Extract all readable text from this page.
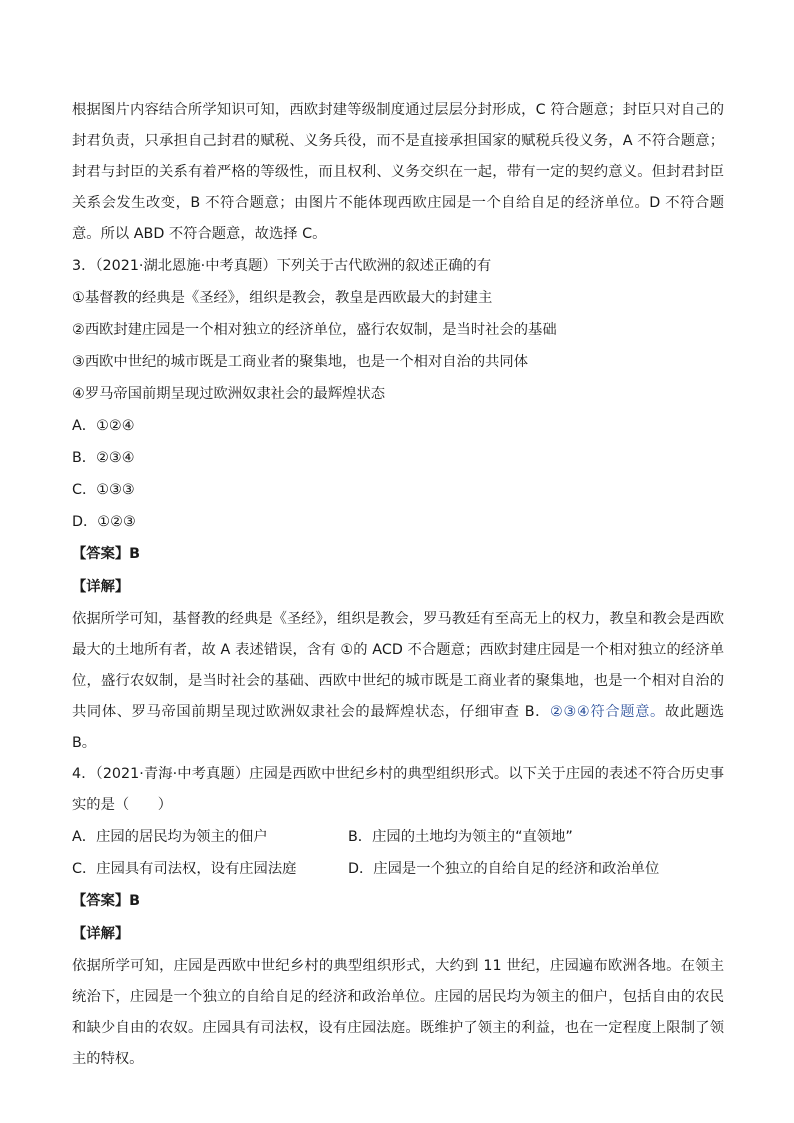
根据图片内容结合所学知识可知，西欧封建等级制度通过层层分封形成，C 符合题意；封臣只对自己的封君负责，只承担自己封君的赋税、义务兵役，而不是直接承担国家的赋税兵役义务，A 不符合题意；封君与封臣的关系有着严格的等级性，而且权利、义务交织在一起，带有一定的契约意义。但封君封臣关系会发生改变，B 不符合题意；由图片不能体现西欧庄园是一个自给自足的经济单位。D 不符合题意。所以 ABD 不符合题意，故选择 C。

3．（2021·湖北恩施·中考真题）下列关于古代欧洲的叙述正确的有

①基督教的经典是《圣经》，组织是教会，教皇是西欧最大的封建主

②西欧封建庄园是一个相对独立的经济单位，盛行农奴制，是当时社会的基础

③西欧中世纪的城市既是工商业者的聚集地，也是一个相对自治的共同体

④罗马帝国前期呈现过欧洲奴隶社会的最辉煌状态

A．①②④

B．②③④

C．①③③

D．①②③

【答案】B

【详解】

依据所学可知，基督教的经典是《圣经》，组织是教会，罗马教廷有至高无上的权力，教皇和教会是西欧最大的土地所有者，故 A 表述错误，含有 ①的 ACD 不合题意；西欧封建庄园是一个相对独立的经济单位，盛行农奴制，是当时社会的基础、西欧中世纪的城市既是工商业者的聚集地，也是一个相对自治的共同体、罗马帝国前期呈现过欧洲奴隶社会的最辉煌状态，仔细审查 B．②③④符合题意。故此题选 B。

4．（2021·青海·中考真题）庄园是西欧中世纪乡村的典型组织形式。以下关于庄园的表述不符合历史事实的是（　　）

A．庄园的居民均为领主的佃户	B．庄园的土地均为领主的“直领地”
C．庄园具有司法权，设有庄园法庭	D．庄园是一个独立的自给自足的经济和政治单位

【答案】B

【详解】

依据所学可知，庄园是西欧中世纪乡村的典型组织形式，大约到 11 世纪，庄园遍布欧洲各地。在领主统治下，庄园是一个独立的自给自足的经济和政治单位。庄园的居民均为领主的佃户，包括自由的农民和缺少自由的农奴。庄园具有司法权，设有庄园法庭。既维护了领主的利益，也在一定程度上限制了领主的特权。
